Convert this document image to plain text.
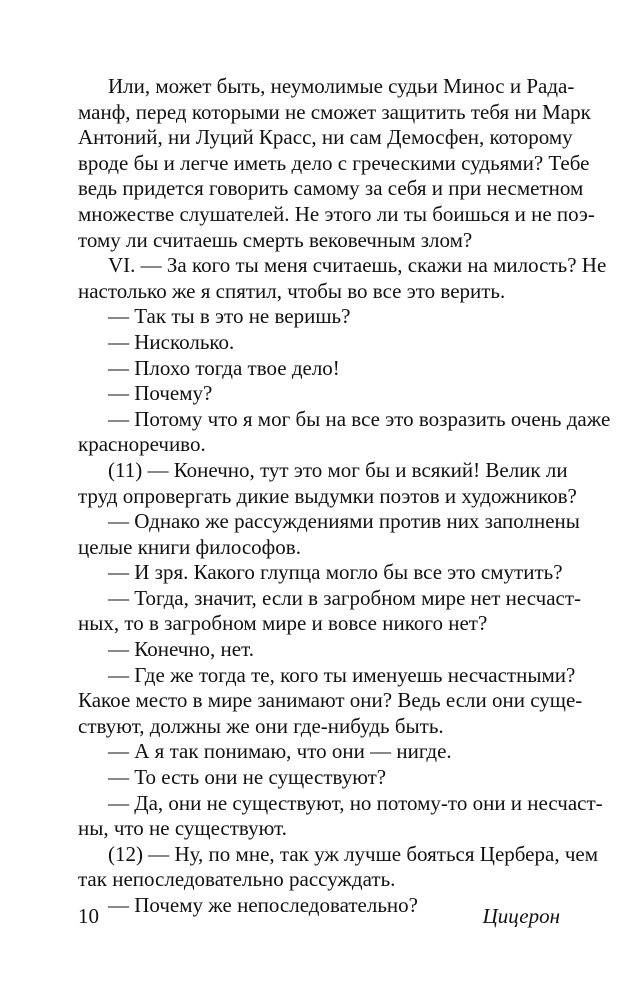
Или, может быть, неумолимые судьи Минос и Рада-
манф, перед которыми не сможет защитить тебя ни Марк
Антоний, ни Луций Красс, ни сам Демосфен, которому
вроде бы и легче иметь дело с греческими судьями? Тебе
ведь придется говорить самому за себя и при несметном
множестве слушателей. Не этого ли ты боишься и не поэ-
тому ли считаешь смерть вековечным злом?
VI. — За кого ты меня считаешь, скажи на милость? Не
настолько же я спятил, чтобы во все это верить.
— Так ты в это не веришь?
— Нисколько.
— Плохо тогда твое дело!
— Почему?
— Потому что я мог бы на все это возразить очень даже
красноречиво.
(11) — Конечно, тут это мог бы и всякий! Велик ли
труд опровергать дикие выдумки поэтов и художников?
— Однако же рассуждениями против них заполнены
целые книги философов.
— И зря. Какого глупца могло бы все это смутить?
— Тогда, значит, если в загробном мире нет несчаст-
ных, то в загробном мире и вовсе никого нет?
— Конечно, нет.
— Где же тогда те, кого ты именуешь несчастными?
Какое место в мире занимают они? Ведь если они суще-
ствуют, должны же они где-нибудь быть.
— А я так понимаю, что они — нигде.
— То есть они не существуют?
— Да, они не существуют, но потому-то они и несчаст-
ны, что не существуют.
(12) — Ну, по мне, так уж лучше бояться Цербера, чем
так непоследовательно рассуждать.
— Почему же непоследовательно?
10	Цицерон
